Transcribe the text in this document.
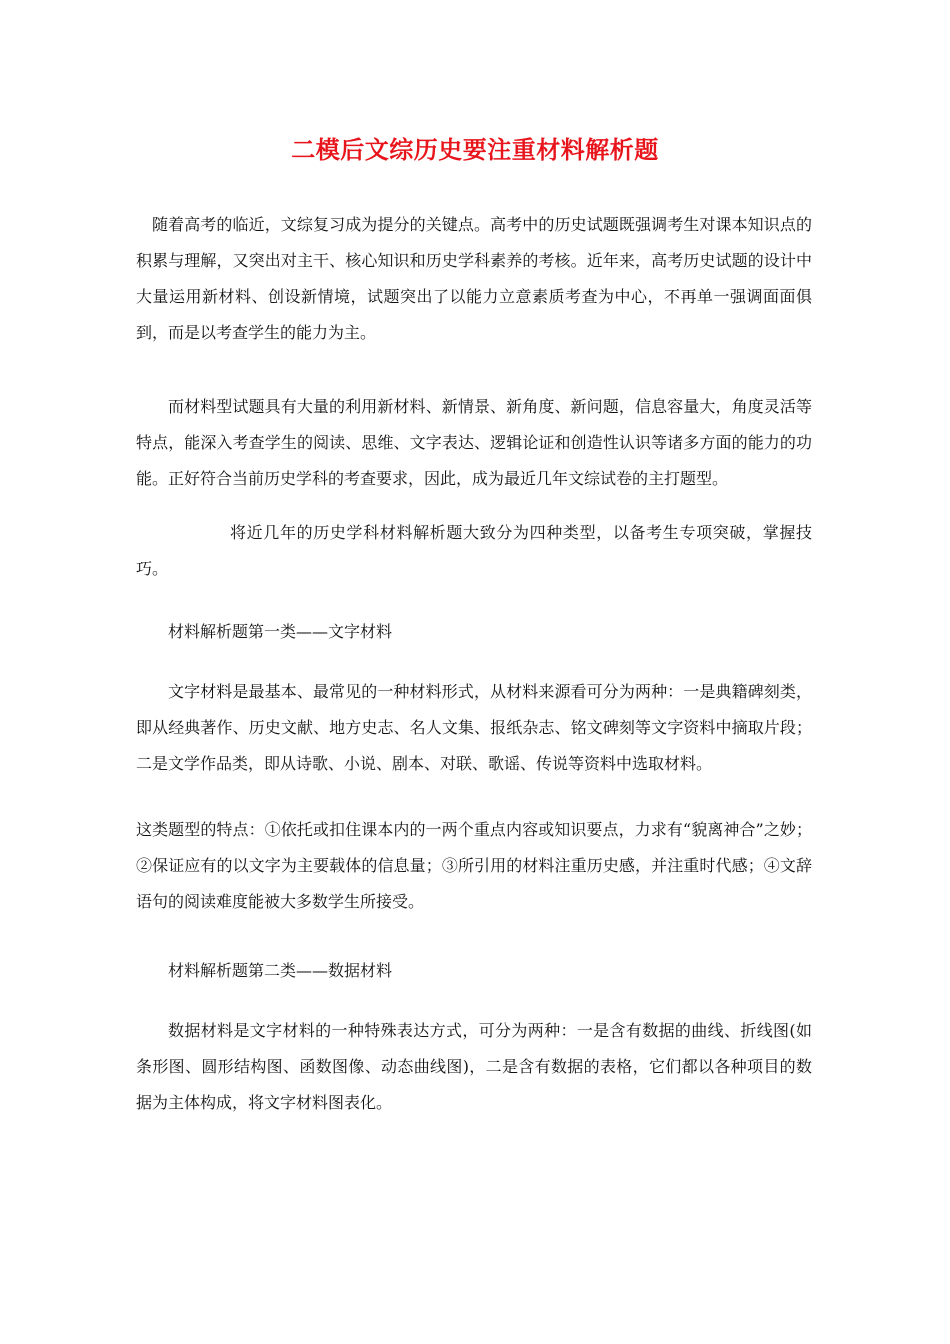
二模后文综历史要注重材料解析题

随着高考的临近，文综复习成为提分的关键点。高考中的历史试题既强调考生对课本知识点的积累与理解，又突出对主干、核心知识和历史学科素养的考核。近年来，高考历史试题的设计中大量运用新材料、创设新情境，试题突出了以能力立意素质考查为中心，不再单一强调面面俱到，而是以考查学生的能力为主。

而材料型试题具有大量的利用新材料、新情景、新角度、新问题，信息容量大，角度灵活等特点，能深入考查学生的阅读、思维、文字表达、逻辑论证和创造性认识等诸多方面的能力的功能。正好符合当前历史学科的考查要求，因此，成为最近几年文综试卷的主打题型。

将近几年的历史学科材料解析题大致分为四种类型，以备考生专项突破，掌握技巧。

材料解析题第一类——文字材料

文字材料是最基本、最常见的一种材料形式，从材料来源看可分为两种：一是典籍碑刻类，即从经典著作、历史文献、地方史志、名人文集、报纸杂志、铭文碑刻等文字资料中摘取片段；二是文学作品类，即从诗歌、小说、剧本、对联、歌谣、传说等资料中选取材料。

这类题型的特点：①依托或扣住课本内的一两个重点内容或知识要点，力求有“貌离神合”之妙；②保证应有的以文字为主要载体的信息量；③所引用的材料注重历史感，并注重时代感；④文辞语句的阅读难度能被大多数学生所接受。

材料解析题第二类——数据材料

数据材料是文字材料的一种特殊表达方式，可分为两种：一是含有数据的曲线、折线图(如条形图、圆形结构图、函数图像、动态曲线图)，二是含有数据的表格，它们都以各种项目的数据为主体构成，将文字材料图表化。
